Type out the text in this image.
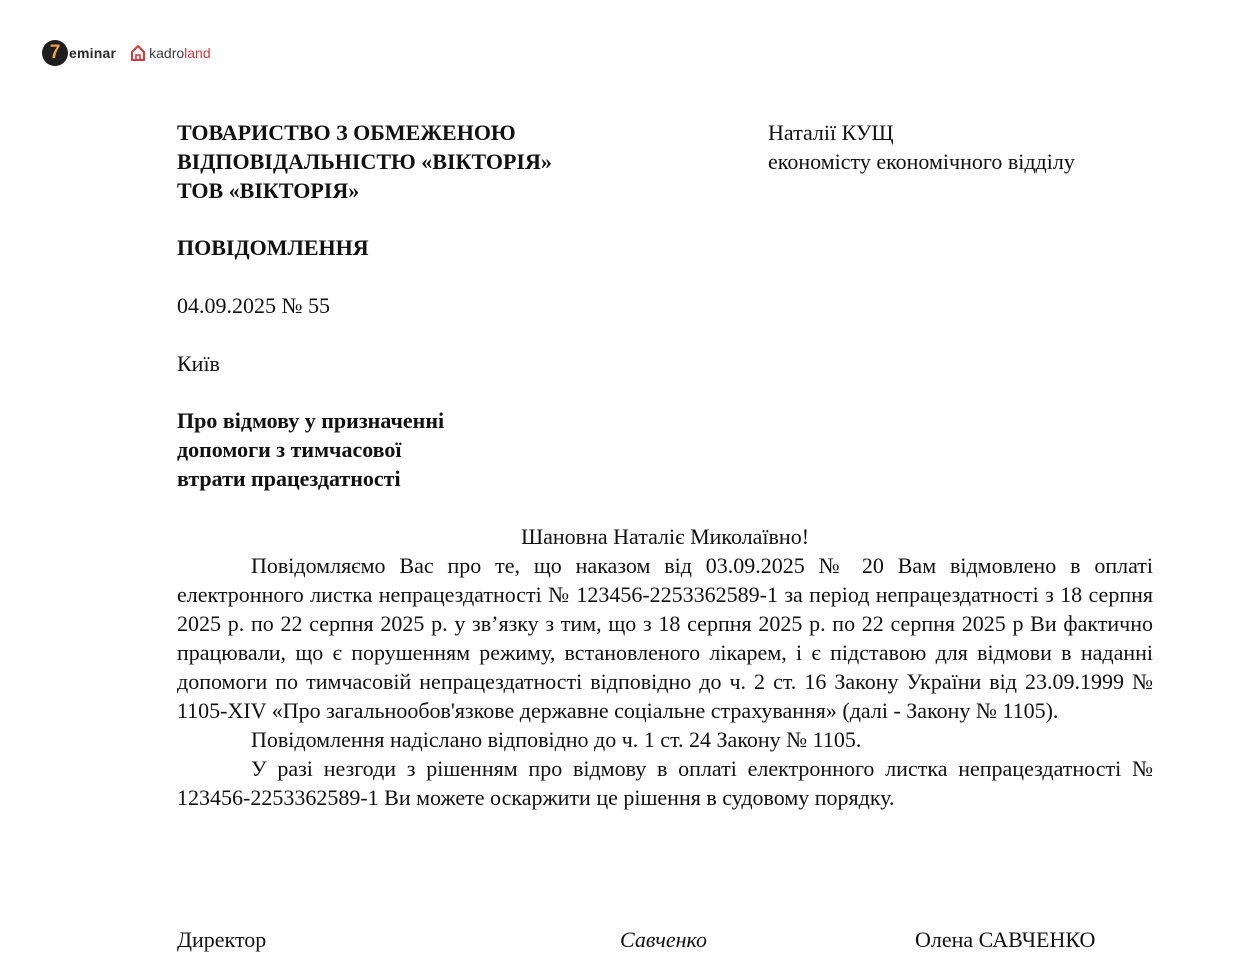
7 eminar kadroland
ТОВАРИСТВО З ОБМЕЖЕНОЮ
ВІДПОВІДАЛЬНІСТЮ «ВІКТОРІЯ»
ТОВ «ВІКТОРІЯ»
Наталії КУЩ
економісту економічного відділу
ПОВІДОМЛЕННЯ
04.09.2025 № 55
Київ
Про відмову у призначенні
допомоги з тимчасової
втрати працездатності

Шановна Наталіє Миколаївно!

Повідомляємо Вас про те, що наказом від 03.09.2025 № 20 Вам відмовлено в оплаті електронного листка непрацездатності № 123456-2253362589-1 за період непрацездатності з 18 серпня 2025 р. по 22 серпня 2025 р. у зв’язку з тим, що з 18 серпня 2025 р. по 22 серпня 2025 р Ви фактично працювали, що є порушенням режиму, встановленого лікарем, і є підставою для відмови в наданні допомоги по тимчасовій непрацездатності відповідно до ч. 2 ст. 16 Закону України від 23.09.1999 № 1105-XIV «Про загальнообов'язкове державне соціальне страхування» (далі - Закону № 1105).

Повідомлення надіслано відповідно до ч. 1 ст. 24 Закону № 1105.

У разі незгоди з рішенням про відмову в оплаті електронного листка непрацездатності № 123456-2253362589-1 Ви можете оскаржити це рішення в судовому порядку.

Директор	Савченко	Олена САВЧЕНКО
